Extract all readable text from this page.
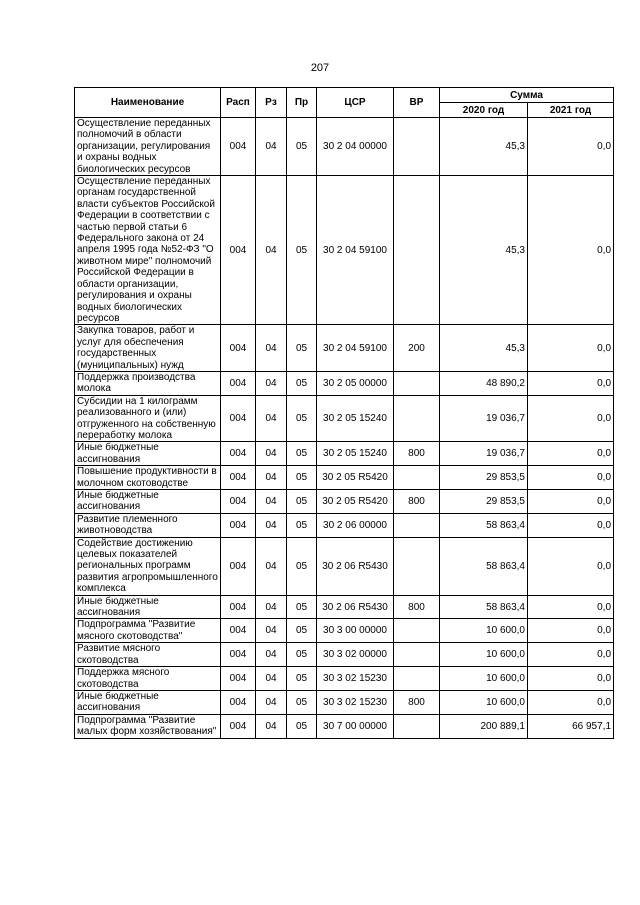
207
Наименование	Расп	Рз	Пр	ЦСР	ВР	Сумма	
						2020 год	2021 год
Осуществление переданных полномочий в области организации, регулирования и охраны водных биологических ресурсов	004	04	05	30 2 04 00000		45,3	0,0
Осуществление переданных органам государственной власти субъектов Российской Федерации в соответствии с частью первой статьи 6 Федерального закона от 24 апреля 1995 года №52-ФЗ "О животном мире" полномочий Российской Федерации в области организации, регулирования и охраны водных биологических ресурсов	004	04	05	30 2 04 59100		45,3	0,0
Закупка товаров, работ и услуг для обеспечения государственных (муниципальных) нужд	004	04	05	30 2 04 59100	200	45,3	0,0
Поддержка производства молока	004	04	05	30 2 05 00000		48 890,2	0,0
Субсидии на 1 килограмм реализованного и (или) отгруженного на собственную переработку молока	004	04	05	30 2 05 15240		19 036,7	0,0
Иные бюджетные ассигнования	004	04	05	30 2 05 15240	800	19 036,7	0,0
Повышение продуктивности в молочном скотоводстве	004	04	05	30 2 05 R5420		29 853,5	0,0
Иные бюджетные ассигнования	004	04	05	30 2 05 R5420	800	29 853,5	0,0
Развитие племенного животноводства	004	04	05	30 2 06 00000		58 863,4	0,0
Содействие достижению целевых показателей региональных программ развития агропромышленного комплекса	004	04	05	30 2 06 R5430		58 863,4	0,0
Иные бюджетные ассигнования	004	04	05	30 2 06 R5430	800	58 863,4	0,0
Подпрограмма "Развитие мясного скотоводства"	004	04	05	30 3 00 00000		10 600,0	0,0
Развитие мясного скотоводства	004	04	05	30 3 02 00000		10 600,0	0,0
Поддержка мясного скотоводства	004	04	05	30 3 02 15230		10 600,0	0,0
Иные бюджетные ассигнования	004	04	05	30 3 02 15230	800	10 600,0	0,0
Подпрограмма "Развитие малых форм хозяйствования"	004	04	05	30 7 00 00000		200 889,1	66 957,1
